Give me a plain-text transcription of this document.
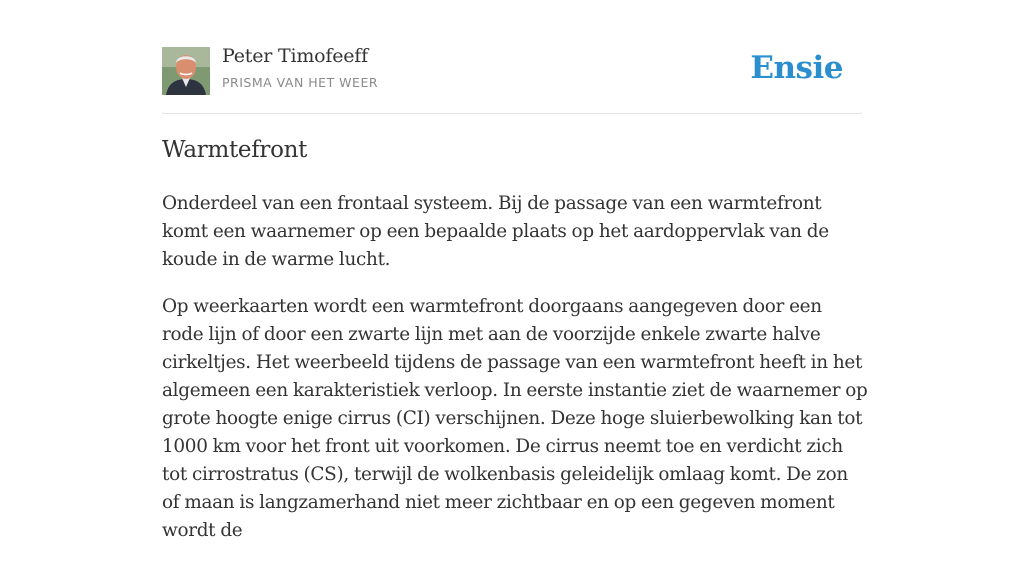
Peter Timofeeff
PRISMA VAN HET WEER	Ensie
Warmtefront

Onderdeel van een frontaal systeem. Bij de passage van een warmtefront komt een waarnemer op een bepaalde plaats op het aardoppervlak van de koude in de warme lucht.

Op weerkaarten wordt een warmtefront doorgaans aangegeven door een rode lijn of door een zwarte lijn met aan de voorzijde enkele zwarte halve cirkeltjes. Het weerbeeld tijdens de passage van een warmtefront heeft in het algemeen een karakteristiek verloop. In eerste instantie ziet de waarnemer op grote hoogte enige cirrus (CI) verschijnen. Deze hoge sluierbewolking kan tot 1000 km voor het front uit voorkomen. De cirrus neemt toe en verdicht zich tot cirrostratus (CS), terwijl de wolkenbasis geleidelijk omlaag komt. De zon of maan is langzamerhand niet meer zichtbaar en op een gegeven moment wordt de
